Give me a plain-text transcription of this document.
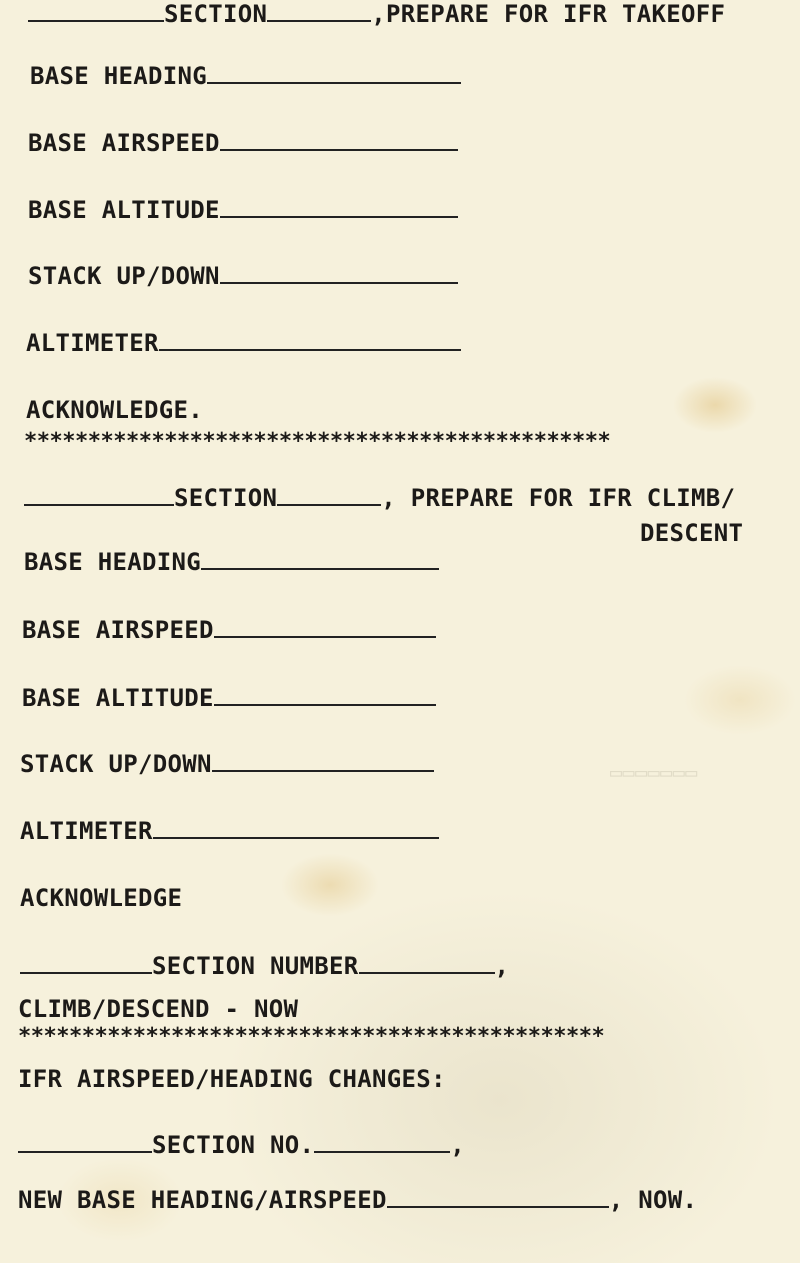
▭▭▭▭▭▭▭
SECTION	,PREPARE FOR IFR TAKEOFF
BASE HEADING
BASE AIRSPEED
BASE ALTITUDE
STACK UP/DOWN
ALTIMETER
ACKNOWLEDGE.
**********************************************
SECTION	, PREPARE FOR IFR CLIMB/
DESCENT
BASE HEADING
BASE AIRSPEED
BASE ALTITUDE
STACK UP/DOWN
ALTIMETER
ACKNOWLEDGE
SECTION NUMBER	,
CLIMB/DESCEND - NOW
**********************************************
IFR AIRSPEED/HEADING CHANGES:
SECTION NO.	,
NEW BASE HEADING/AIRSPEED	, NOW.
